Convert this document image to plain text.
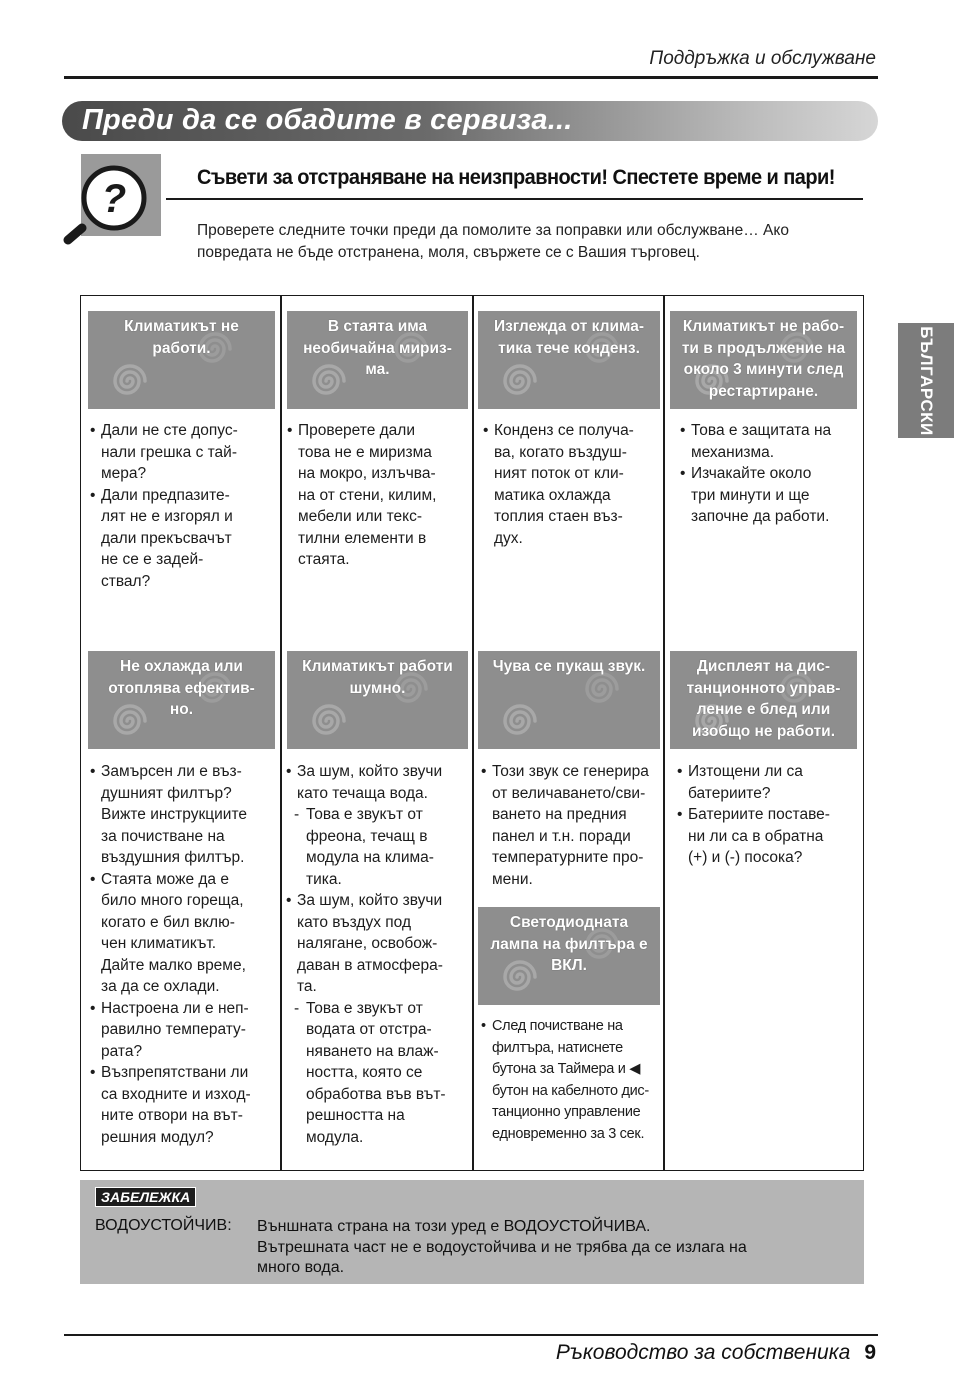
Поддръжка и обслужване
Преди да се обадите в сервиза...
?	Съвети за отстраняване на неизправности! Спестете време и пари!
Проверете следните точки преди да помолите за поправки или обслужване… Ако
повредата не бъде отстранена, моля, свържете се с Вашия търговец.
БЪЛГАРСКИ
Климатикът не
работи.
• Дали не сте допус-
нали грешка с тай-
мера?
• Дали предпазите-
лят не е изгорял и
дали прекъсвачът
не се е задей-
ствал?
В стаята има
необичайна мириз-
ма.
• Проверете дали
това не е миризма
на мокро, излъчва-
на от стени, килим,
мебели или текс-
тилни елементи в
стаята.
Изглежда от клима-
тика тече конденз.
• Конденз се получа-
ва, когато въздуш-
ният поток от кли-
матика охлажда
топлия стаен въз-
дух.
Климатикът не рабо-
ти в продължение на
около 3 минути след
рестартиране.
• Това е защитата на
механизма.
• Изчакайте около
три минути и ще
започне да работи.
Не охлажда или
отоплява ефектив-
но.
• Замърсен ли е въз-
душният филтър?
Вижте инструкциите
за почистване на
въздушния филтър.
• Стаята може да е
било много гореща,
когато е бил вклю-
чен климатикът.
Дайте малко време,
за да се охлади.
• Настроена ли е неп-
равилно температу-
рата?
• Възпрепятствани ли
са входните и изход-
ните отвори на вът-
решния модул?
Климатикът работи
шумно.
• За шум, който звучи
като течаща вода.
- Това е звукът от
фреона, течащ в
модула на клима-
тика.
• За шум, който звучи
като въздух под
налягане, освобож-
даван в атмосфера-
та.
- Това е звукът от
водата от отстра-
няването на влаж-
ността, която се
обработва във вът-
решността на
модула.
Чува се пукащ звук.
• Този звук се генерира
от величаването/сви-
ването на предния
панел и т.н. поради
температурните про-
мени.
Дисплеят на дис-
танционното управ-
ление е блед или
изобщо не работи.
• Изтощени ли са
батериите?
• Батериите поставе-
ни ли са в обратна
(+) и (-) посока?
Светодиодната
лампа на филтъра е
ВКЛ.
• След почистване на
филтъра, натиснете
бутона за Таймера и ◀
бутон на кабелното дис-
танционно управление
едновременно за 3 сек.
ЗАБЕЛЕЖКА
ВОДОУСТОЙЧИВ: Външната страна на този уред е ВОДОУСТОЙЧИВА.
Вътрешната част не е водоустойчива и не трябва да се излага на
много вода.
Ръководство за собственика 9
